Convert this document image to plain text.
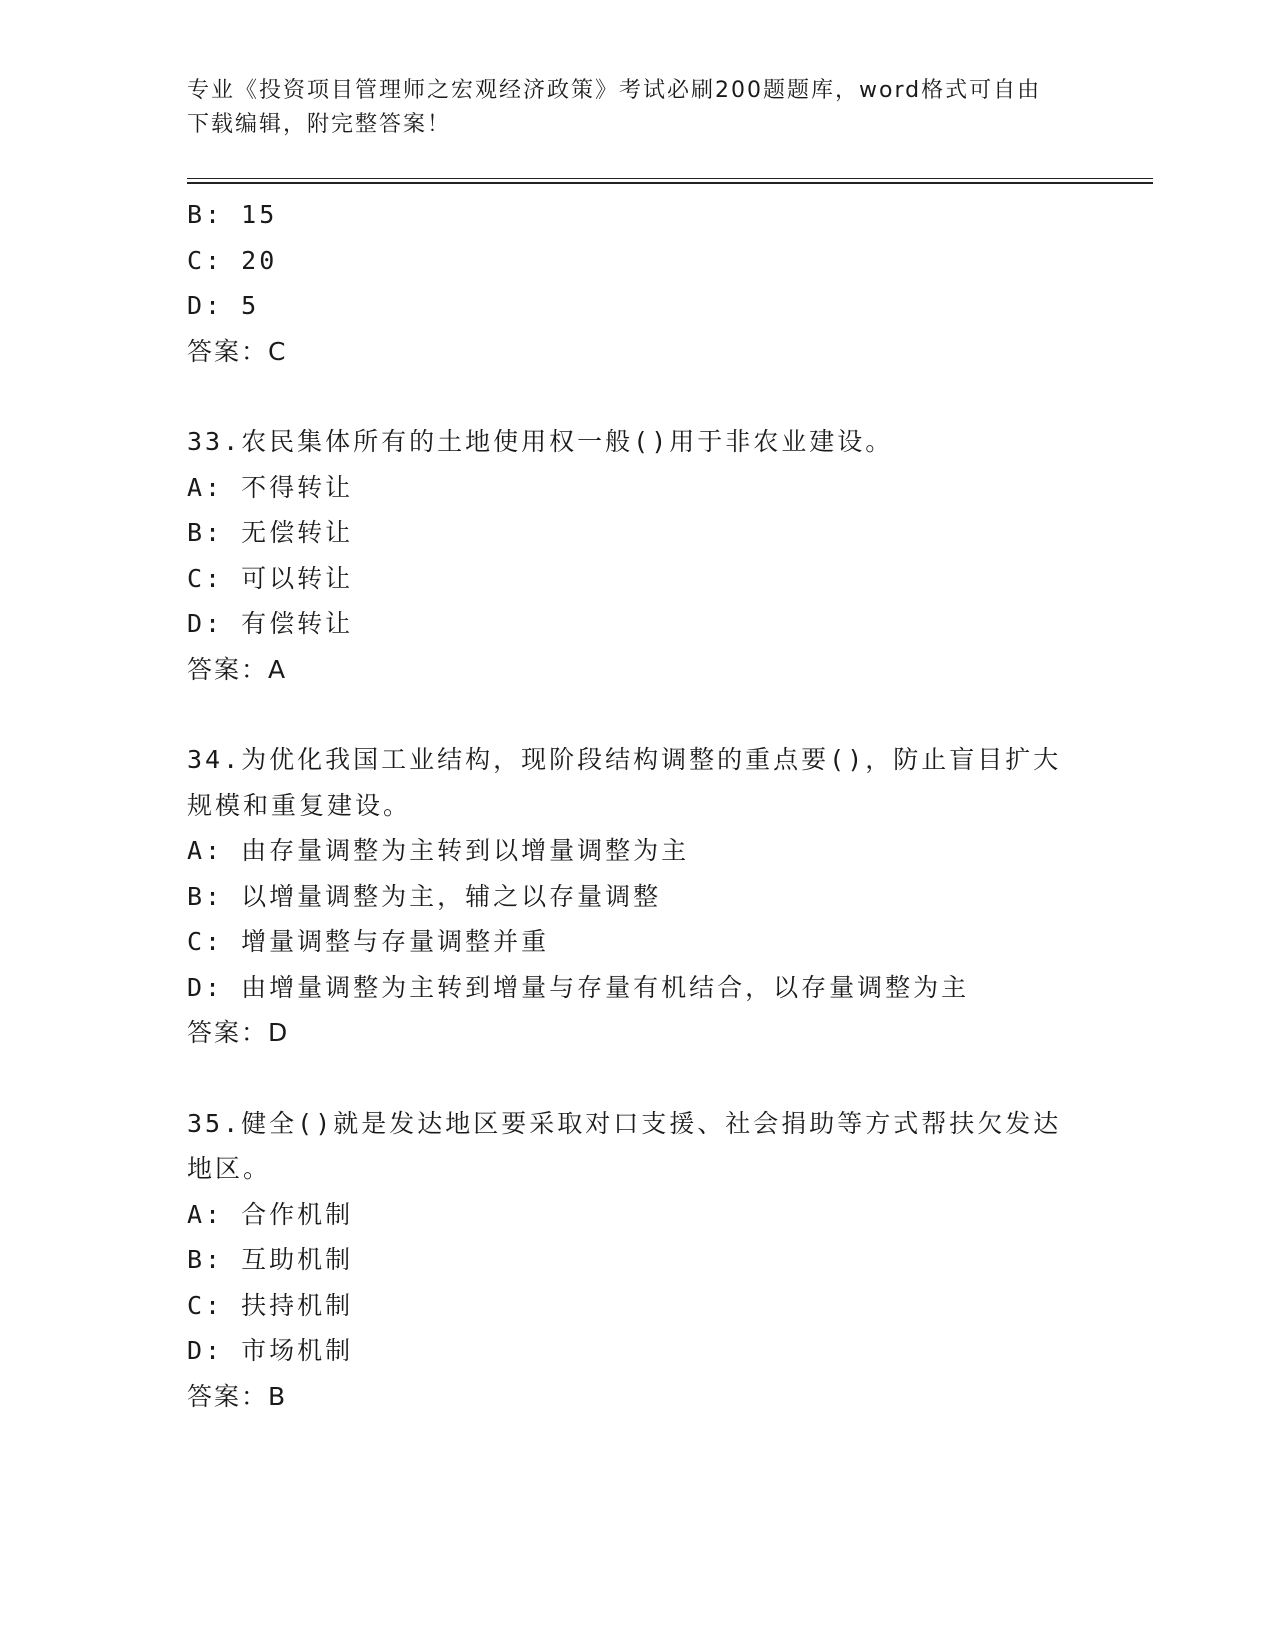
专业《投资项目管理师之宏观经济政策》考试必刷200题题库，word格式可自由
下载编辑，附完整答案！
B: 15
C: 20
D: 5
答案：C
33.农民集体所有的土地使用权一般()用于非农业建设。
A: 不得转让
B: 无偿转让
C: 可以转让
D: 有偿转让
答案：A
34.为优化我国工业结构，现阶段结构调整的重点要()，防止盲目扩大
规模和重复建设。
A: 由存量调整为主转到以增量调整为主
B: 以增量调整为主，辅之以存量调整
C: 增量调整与存量调整并重
D: 由增量调整为主转到增量与存量有机结合，以存量调整为主
答案：D
35.健全()就是发达地区要采取对口支援、社会捐助等方式帮扶欠发达
地区。
A: 合作机制
B: 互助机制
C: 扶持机制
D: 市场机制
答案：B
